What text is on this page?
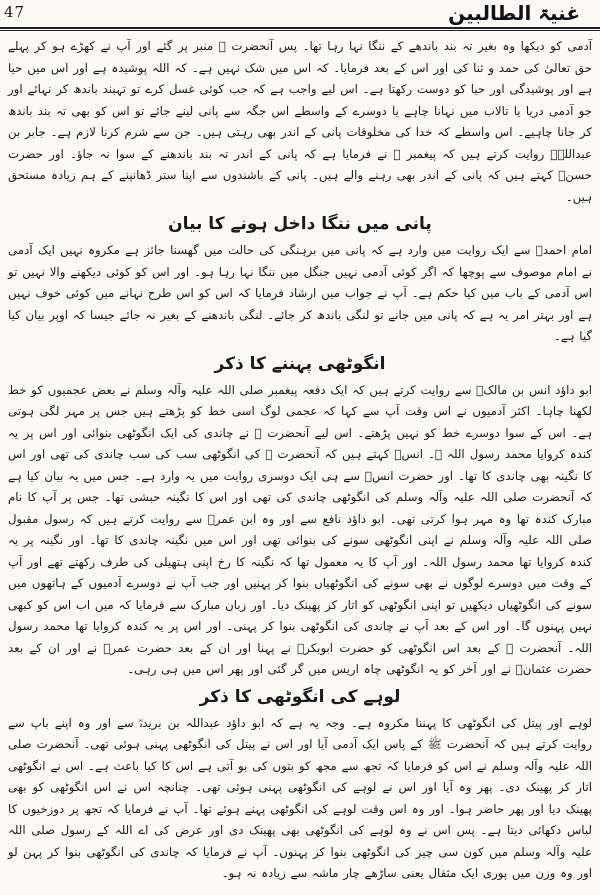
47	غنیۃ الطالبین

آدمی کو دیکھا وہ بغیر تہ بند باندھے کے ننگا نہا رہا تھا۔ پس آنحضرت ﷺ منبر پر گئے اور آپ نے کھڑے ہو کر پہلے حق تعالیٰ کی حمد و ثنا کی اور اس کے بعد فرمایا۔ کہ اس میں شک نہیں ہے۔ کہ اللہ پوشیدہ ہے اور اس میں حیا ہے اور پوشیدگی اور حیا کو دوست رکھتا ہے۔ اس لیے واجب ہے کہ جب کوئی غسل کرے تو تہبند باندھ کر نہائے اور جو آدمی دریا یا تالاب میں نہانا چاہے یا دوسرے کے واسطے اس جگہ سے پانی لینے جائے تو اس کو بھی تہ بند باندھ کر جانا چاہیے۔ اس واسطے کہ خدا کی مخلوقات پانی کے اندر بھی رہتی ہیں۔ جن سے شرم کرنا لازم ہے۔ جابر بن عبداللہؓ روایت کرتے ہیں کہ پیغمبر ﷺ نے فرمایا ہے کہ پانی کے اندر تہ بند باندھنے کے سوا نہ جاؤ۔ اور حضرت حسنؓ کہتے ہیں کہ پانی کے اندر بھی رہنے والے ہیں۔ پانی کے باشندوں سے اپنا ستر ڈھانپنے کے ہم زیادہ مستحق ہیں۔

پانی میں ننگا داخل ہونے کا بیان

امام احمدؒ سے ایک روایت میں وارد ہے کہ پانی میں برہنگی کی حالت میں گھسنا جائز ہے مکروہ نہیں ایک آدمی نے امام موصوف سے پوچھا کہ اگر کوئی آدمی نہیں جنگل میں ننگا نہا رہا ہو۔ اور اس کو کوئی دیکھنے والا نہیں تو اس آدمی کے باب میں کیا حکم ہے۔ آپ نے جواب میں ارشاد فرمایا کہ اس کو اس طرح نہانے میں کوئی خوف نہیں ہے اور بہتر امر یہ ہے کہ پانی میں جانے تو لنگی باندھ کر جائے۔ لنگی باندھنے کے بغیر نہ جائے جیسا کہ اوپر بیان کیا گیا ہے۔

انگوٹھی پہننے کا ذکر

ابو داؤد انس بن مالکؓ سے روایت کرتے ہیں کہ ایک دفعہ پیغمبر صلی اللہ علیہ وآلہ وسلم نے بعض عجمیوں کو خط لکھنا چاہا۔ اکثر آدمیوں نے اس وقت آپ سے کہا کہ عجمی لوگ اسی خط کو پڑھتے ہیں جس پر مہر لگی ہوتی ہے۔ اس کے سوا دوسرے خط کو نہیں پڑھتے۔ اس لیے آنحضرت ﷺ نے چاندی کی ایک انگوٹھی بنوائی اور اس پر یہ کندہ کروایا محمد رسول اللہ ﷺ۔ انسؓ کہتے ہیں کہ آنحضرت ﷺ کی انگوٹھی سب کی سب چاندی کی تھی اور اس کا نگینہ بھی چاندی کا تھا۔ اور حضرت انسؓ سے ہی ایک دوسری روایت میں یہ وارد ہے۔ جس میں یہ بیان کیا ہے کہ آنحضرت صلی اللہ علیہ وآلہ وسلم کی انگوٹھی چاندی کی تھی اور اس کا نگینہ حبشی تھا۔ جس پر آپ کا نام مبارک کندہ تھا وہ مہر ہوا کرتی تھی۔ ابو داؤد نافع سے اور وہ ابن عمرؓ سے روایت کرتے ہیں کہ رسول مقبول صلی اللہ علیہ وآلہ وسلم نے اپنی انگوٹھی سونے کی بنوائی تھی اور اس میں نگینہ چاندی کا تھا۔ اور نگینہ پر یہ کندہ کروایا تھا محمد رسول اللہ۔ اور آپ کا یہ معمول تھا کہ نگینہ کا رخ اپنی ہتھیلی کی طرف رکھتے تھے اور آپ کے وقت میں دوسرے لوگوں نے بھی سونے کی انگوٹھیاں بنوا کر پہنیں اور جب آپ نے دوسرے آدمیوں کے ہاتھوں میں سونے کی انگوٹھیاں دیکھیں تو اپنی انگوٹھی کو اتار کر پھینک دیا۔ اور زبان مبارک سے فرمایا کہ میں اب اس کو کبھی نہیں پہنوں گا۔ اور اس کے بعد آپ نے چاندی کی انگوٹھی بنوا کر پہنی۔ اور اس پر یہ کندہ کروایا تھا محمد رسول اللہ۔ آنحضرت ﷺ کے بعد اس انگوٹھی کو حضرت ابوبکرؓ نے پہنا اور ان کے بعد حضرت عمرؓ نے اور ان کے بعد حضرت عثمانؓ نے اور آخر کو یہ انگوٹھی چاہ اریس میں گر گئی اور پھر اس میں ہی رہی۔

لوہے کی انگوٹھی کا ذکر

لوہے اور پیتل کی انگوٹھی کا پہننا مکروہ ہے۔ وجہ یہ ہے کہ ابو داؤد عبداللہ بن بریدہؓ سے اور وہ اپنے باپ سے روایت کرتے ہیں کہ آنحضرت ﷺ کے پاس ایک آدمی آیا اور اس نے پیتل کی انگوٹھی پہنی ہوئی تھی۔ آنحضرت صلی اللہ علیہ وآلہ وسلم نے اس کو فرمایا کہ تجھ سے مجھ کو بتوں کی بو آتی ہے اس کا کیا باعث ہے۔ اس نے انگوٹھی اتار کر پھینک دی۔ پھر وہ آیا اور اس نے لوہے کی انگوٹھی پہنی ہوئی تھی۔ چنانچہ اس نے اس انگوٹھی کو بھی پھینک دیا اور پھر حاضر ہوا۔ اور وہ اس وقت لوہے کی انگوٹھی پہنے ہوئے تھا۔ آپ نے فرمایا کہ تجھ پر دوزخیوں کا لباس دکھائی دیتا ہے۔ پس اس نے وہ لوہے کی انگوٹھی بھی پھینک دی اور عرض کی اے اللہ کے رسول صلی اللہ علیہ وآلہ وسلم میں کون سی چیز کی انگوٹھی بنوا کر پہنوں۔ آپ نے فرمایا کہ چاندی کی انگوٹھی بنوا کر پہن لو اور وہ وزن میں پوری ایک مثقال یعنی ساڑھے چار ماشہ سے زیادہ نہ ہو۔
